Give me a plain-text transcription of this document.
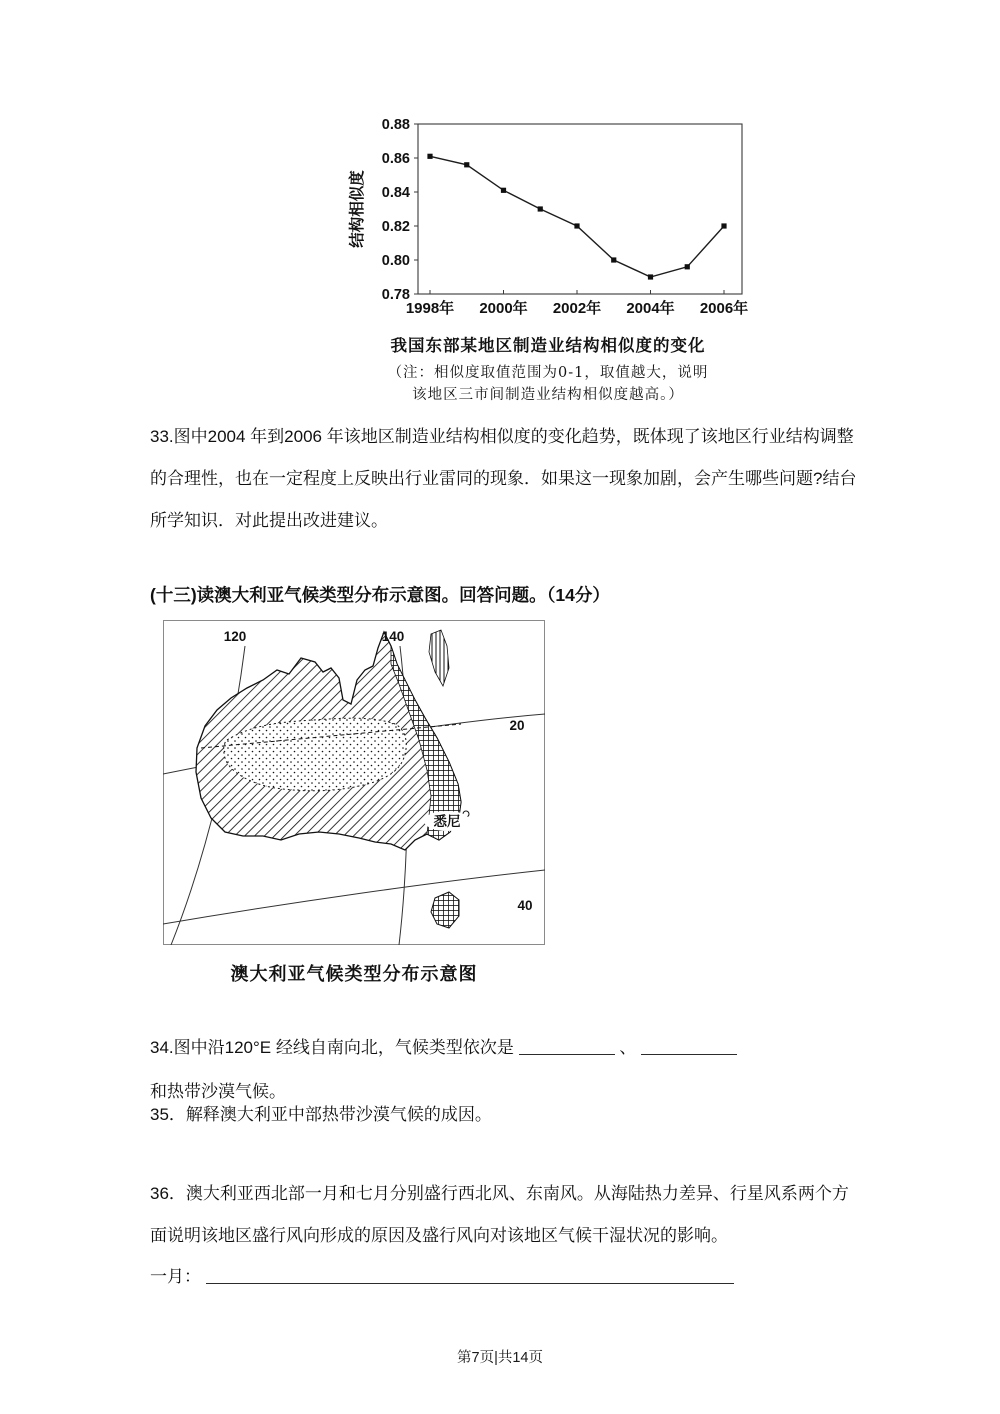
0.88
0.86
0.84
0.82
0.80
0.78
1998年 2000年 2002年 2004年 2006年
结构相似度
我国东部某地区制造业结构相似度的变化
（注：相似度取值范围为0-1，取值越大，说明
该地区三市间制造业结构相似度越高。）
33.图中2004 年到2006 年该地区制造业结构相似度的变化趋势，既体现了该地区行业结构调整的合理性，也在一定程度上反映出行业雷同的现象．如果这一现象加剧，会产生哪些问题?结台所学知识．对此提出改进建议。
(十三)读澳大利亚气候类型分布示意图。回答问题。（14分）
悉尼
120	140
20
40
澳大利亚气候类型分布示意图
34.图中沿120°E 经线自南向北，气候类型依次是	、
和热带沙漠气候。
35．解释澳大利亚中部热带沙漠气候的成因。
36．澳大利亚西北部一月和七月分别盛行西北风、东南风。从海陆热力差异、行星风系两个方面说明该地区盛行风向形成的原因及盛行风向对该地区气候干湿状况的影响。
一月：
第7页|共14页
